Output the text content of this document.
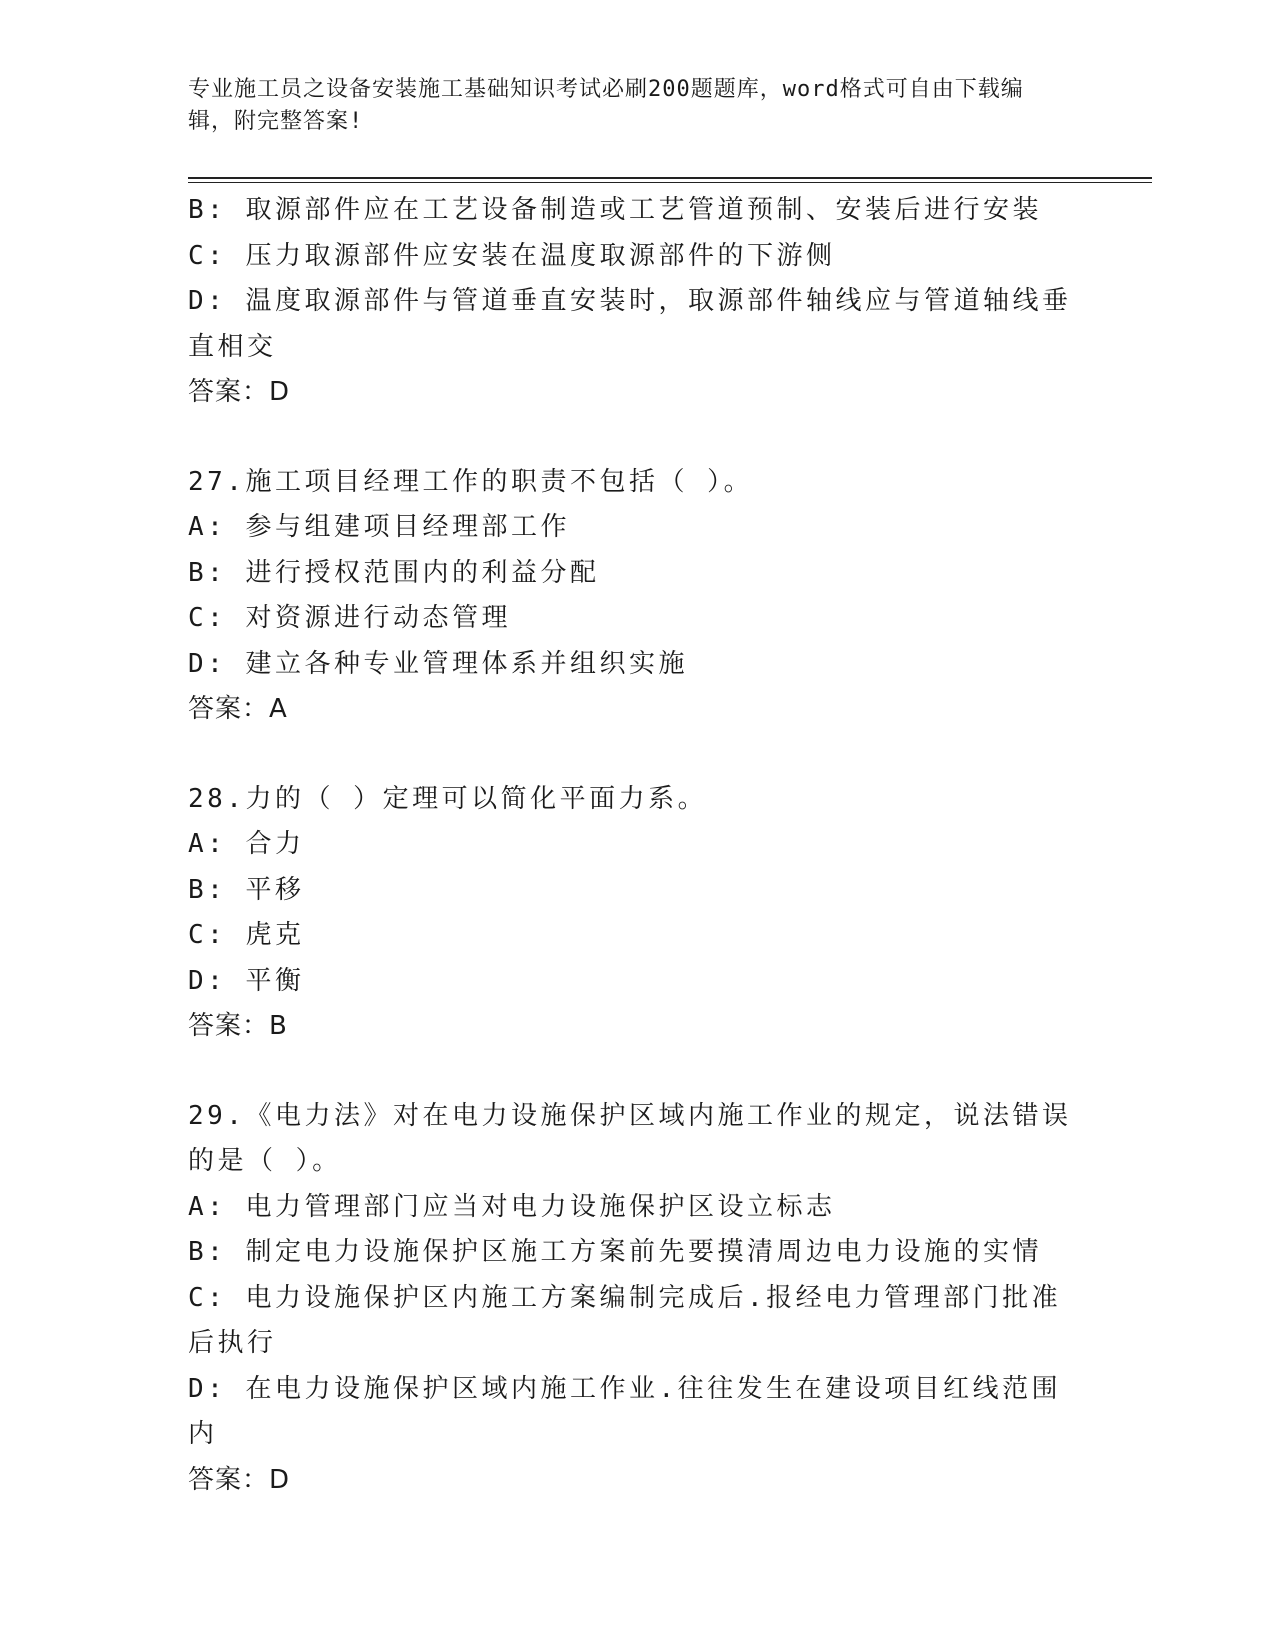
专业施工员之设备安装施工基础知识考试必刷200题题库，word格式可自由下载编辑，附完整答案!
B: 取源部件应在工艺设备制造或工艺管道预制、安装后进行安装
C: 压力取源部件应安装在温度取源部件的下游侧
D: 温度取源部件与管道垂直安装时，取源部件轴线应与管道轴线垂直相交
答案：D
27.施工项目经理工作的职责不包括（ ）。
A: 参与组建项目经理部工作
B: 进行授权范围内的利益分配
C: 对资源进行动态管理
D: 建立各种专业管理体系并组织实施
答案：A
28.力的（ ）定理可以简化平面力系。
A: 合力
B: 平移
C: 虎克
D: 平衡
答案：B
29.《电力法》对在电力设施保护区域内施工作业的规定，说法错误的是（ ）。
A: 电力管理部门应当对电力设施保护区设立标志
B: 制定电力设施保护区施工方案前先要摸清周边电力设施的实情
C: 电力设施保护区内施工方案编制完成后.报经电力管理部门批准后执行
D: 在电力设施保护区域内施工作业.往往发生在建设项目红线范围内
答案：D
